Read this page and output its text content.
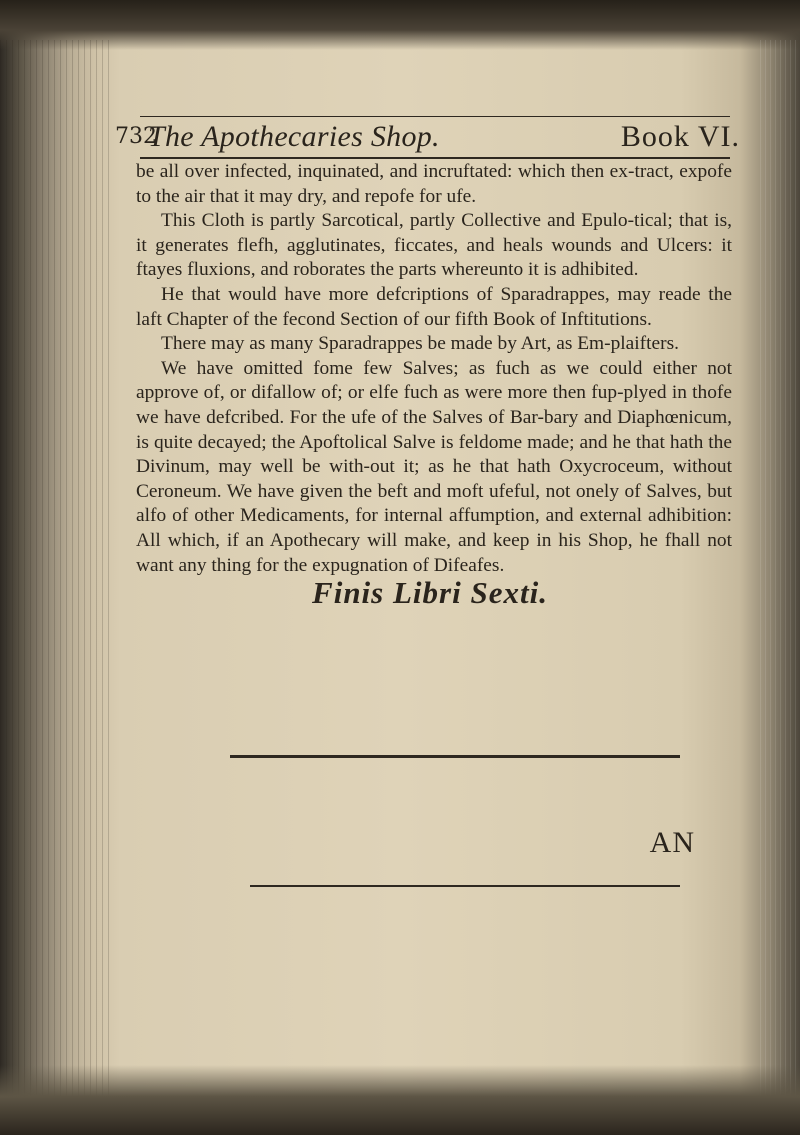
732
The Apothecaries Shop.	Book VI.

be all over infected, inquinated, and incruftated: which then ex-tract, expofe to the air that it may dry, and repofe for ufe.

This Cloth is partly Sarcotical, partly Collective and Epulo-tical; that is, it generates flefh, agglutinates, ficcates, and heals wounds and Ulcers: it ftayes fluxions, and roborates the parts whereunto it is adhibited.

He that would have more defcriptions of Sparadrappes, may reade the laft Chapter of the fecond Section of our fifth Book of Inftitutions.

There may as many Sparadrappes be made by Art, as Em-plaifters.

We have omitted fome few Salves; as fuch as we could either not approve of, or difallow of; or elfe fuch as were more then fup-plyed in thofe we have defcribed. For the ufe of the Salves of Bar-bary and Diaphœnicum, is quite decayed; the Apoftolical Salve is feldome made; and he that hath the Divinum, may well be with-out it; as he that hath Oxycroceum, without Ceroneum. We have given the beft and moft ufeful, not onely of Salves, but alfo of other Medicaments, for internal affumption, and external adhibition: All which, if an Apothecary will make, and keep in his Shop, he fhall not want any thing for the expugnation of Difeafes.

Finis Libri Sexti.
AN
